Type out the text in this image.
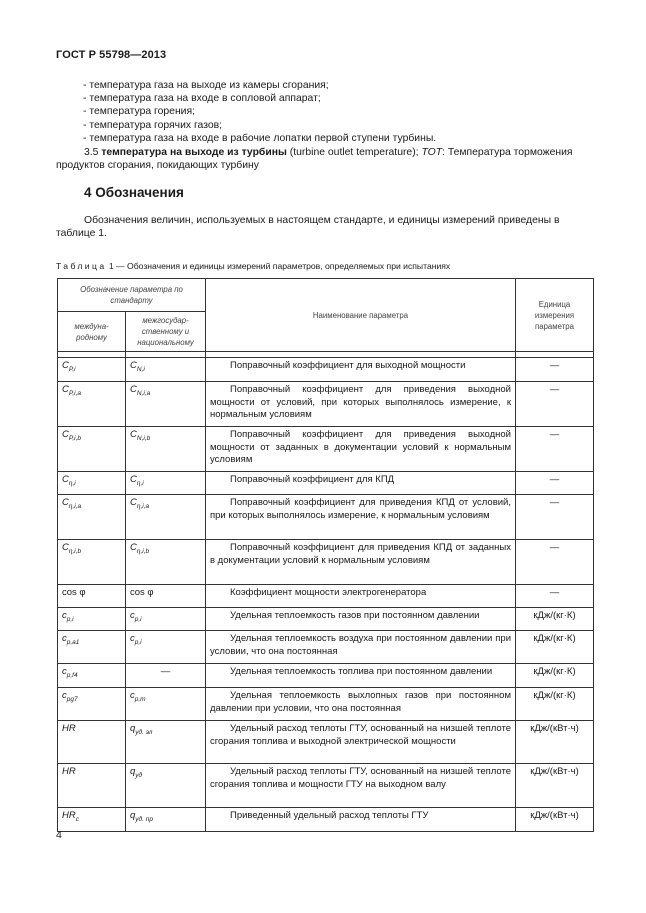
ГОСТ Р 55798—2013
- температура газа на выходе из камеры сгорания;
- температура газа на входе в сопловой аппарат;
- температура горения;
- температура горячих газов;
- температура газа на входе в рабочие лопатки первой ступени турбины.
3.5 температура на выходе из турбины (turbine outlet temperature); TOT: Температура торможения продуктов сгорания, покидающих турбину
4 Обозначения
Обозначения величин, используемых в настоящем стандарте, и единицы измерений приведены в таблице 1.
Таблица 1 — Обозначения и единицы измерений параметров, определяемых при испытаниях
Обозначение параметра по стандарту		Наименование параметра	Единица измерения параметра
междуна-родному	межгосудар-ственному и национальному		

$C_{P,i}$	$C_{N,i}$	Поправочный коэффициент для выходной мощности	—
$C_{P,i,a}$	$C_{N,i,a}$	Поправочный коэффициент для приведения выходной мощности от условий, при которых выполнялось измерение, к нормальным условиям	—
$C_{P,i,b}$	$C_{N,i,b}$	Поправочный коэффициент для приведения выходной мощности от заданных в документации условий к нормальным условиям	—
$C_{\eta,i}$	$C_{\eta,i}$	Поправочный коэффициент для КПД	—
$C_{\eta,i,a}$	$C_{\eta,i,a}$	Поправочный коэффициент для приведения КПД от условий, при которых выполнялось измерение, к нормальным условиям	—
$C_{\eta,i,b}$	$C_{\eta,i,b}$	Поправочный коэффициент для приведения КПД от заданных в документации условий к нормальным условиям	—
cos φ	cos φ	Коэффициент мощности электрогенератора	—
$c_{p,i}$	$c_{p,i}$	Удельная теплоемкость газов при постоянном давлении	кДж/(кг·К)
$c_{p,a1}$	$c_{p,i}$	Удельная теплоемкость воздуха при постоянном давлении при условии, что она постоянная	кДж/(кг·К)
$c_{p,f4}$	—	Удельная теплоемкость топлива при постоянном давлении	кДж/(кг·К)
$c_{pg7}$	$c_{p,m}$	Удельная теплоемкость выхлопных газов при постоянном давлении при условии, что она постоянная	кДж/(кг·К)
HR	$q_{уд. эл}$	Удельный расход теплоты ГТУ, основанный на низшей теплоте сгорания топлива и выходной электрической мощности	кДж/(кВт·ч)
HR	$q_{уд}$	Удельный расход теплоты ГТУ, основанный на низшей теплоте сгорания топлива и мощности ГТУ на выходном валу	кДж/(кВт·ч)
$HR_c$	$q_{уд. пр}$	Приведенный удельный расход теплоты ГТУ	кДж/(кВт·ч)
4
